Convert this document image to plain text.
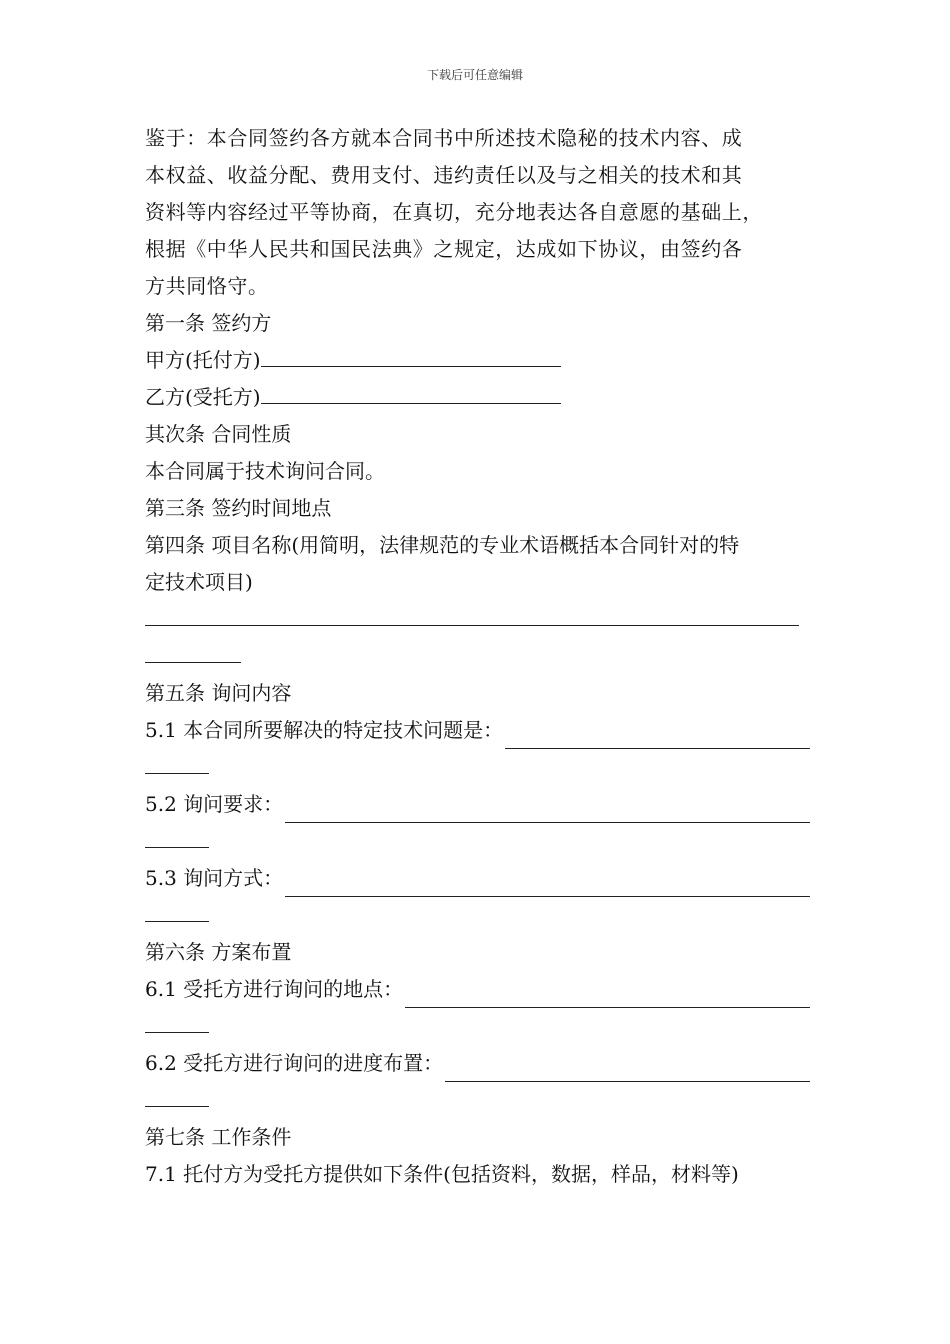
下载后可任意编辑
鉴于：本合同签约各方就本合同书中所述技术隐秘的技术内容、成
本权益、收益分配、费用支付、违约责任以及与之相关的技术和其
资料等内容经过平等协商，在真切，充分地表达各自意愿的基础上，
根据《中华人民共和国民法典》之规定，达成如下协议，由签约各
方共同恪守。
第一条 签约方
甲方(托付方)
乙方(受托方)
其次条 合同性质
本合同属于技术询问合同。
第三条 签约时间地点
第四条 项目名称(用简明，法律规范的专业术语概括本合同针对的特
定技术项目)
第五条 询问内容
5.1 本合同所要解决的特定技术问题是：
5.2 询问要求：
5.3 询问方式：
第六条 方案布置
6.1 受托方进行询问的地点：
6.2 受托方进行询问的进度布置：
第七条 工作条件
7.1 托付方为受托方提供如下条件(包括资料，数据，样品，材料等)
